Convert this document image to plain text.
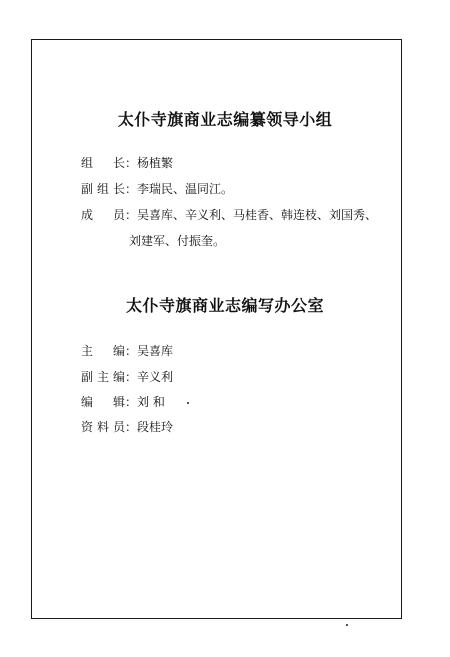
太仆寺旗商业志编纂领导小组
组 长：杨植繁
副组长：李瑞民、温同江。
成 员：吴喜库、辛义利、马桂香、韩连枝、刘国秀、
刘建军、付振奎。
太仆寺旗商业志编写办公室
主 编：吴喜库
副主编：辛义利
编 辑：刘 和
资料员：段桂玲
